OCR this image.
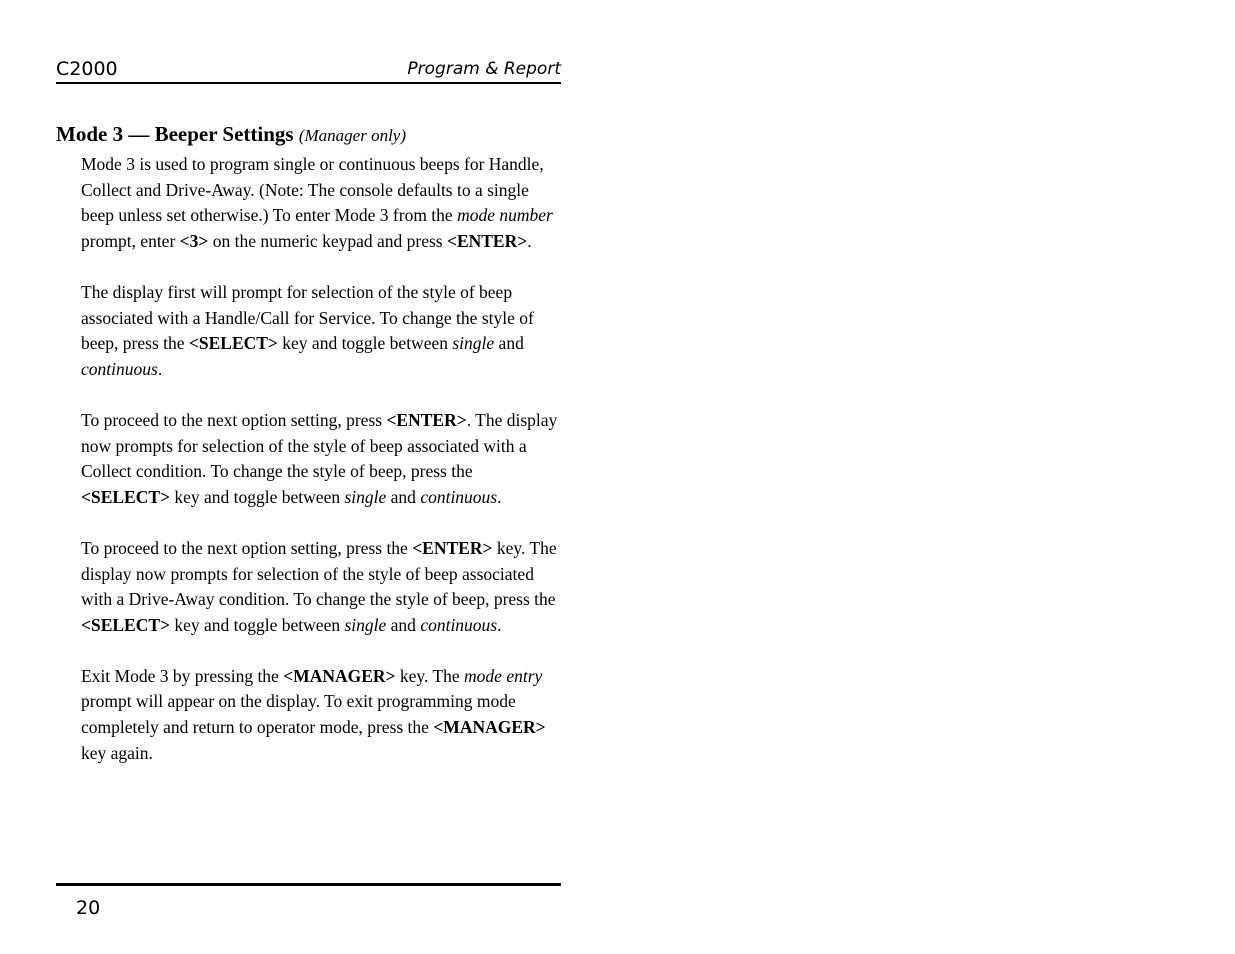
C2000	Program & Report
Mode 3 — Beeper Settings (Manager only)

Mode 3 is used to program single or continuous beeps for Handle, Collect and Drive-Away. (Note: The console defaults to a single beep unless set otherwise.) To enter Mode 3 from the mode number prompt, enter <3> on the numeric keypad and press <ENTER>.

The display first will prompt for selection of the style of beep associated with a Handle/Call for Service. To change the style of beep, press the <SELECT> key and toggle between single and continuous.

To proceed to the next option setting, press <ENTER>. The display now prompts for selection of the style of beep associated with a Collect condition. To change the style of beep, press the <SELECT> key and toggle between single and continuous.

To proceed to the next option setting, press the <ENTER> key. The display now prompts for selection of the style of beep associated with a Drive-Away condition. To change the style of beep, press the <SELECT> key and toggle between single and continuous.

Exit Mode 3 by pressing the <MANAGER> key. The mode entry prompt will appear on the display. To exit programming mode completely and return to operator mode, press the <MANAGER> key again.

20
